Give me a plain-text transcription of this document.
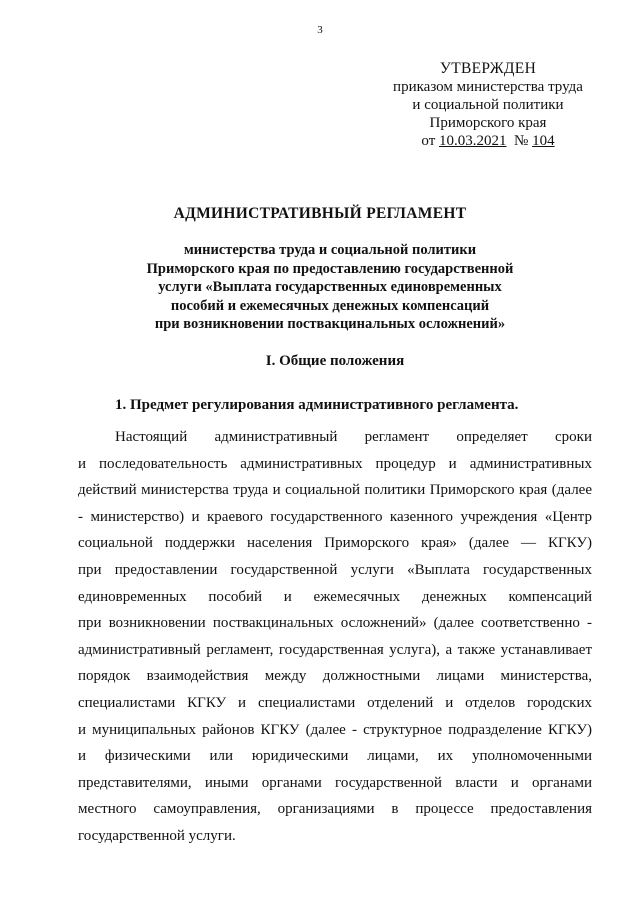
3
УТВЕРЖДЕН
приказом министерства труда
и социальной политики
Приморского края
от 10.03.2021 № 104
АДМИНИСТРАТИВНЫЙ РЕГЛАМЕНТ
министерства труда и социальной политики
Приморского края по предоставлению государственной
услуги «Выплата государственных единовременных
пособий и ежемесячных денежных компенсаций
при возникновении поствакцинальных осложнений»
I. Общие положения
1. Предмет регулирования административного регламента.
Настоящий административный регламент определяет сроки
и последовательность административных процедур и административных
действий министерства труда и социальной политики Приморского края (далее
- министерство) и краевого государственного казенного учреждения «Центр
социальной поддержки населения Приморского края» (далее — КГКУ)
при предоставлении государственной услуги «Выплата государственных
единовременных пособий и ежемесячных денежных компенсаций
при возникновении поствакцинальных осложнений» (далее соответственно -
административный регламент, государственная услуга), а также устанавливает
порядок взаимодействия между должностными лицами министерства,
специалистами КГКУ и специалистами отделений и отделов городских
и муниципальных районов КГКУ (далее - структурное подразделение КГКУ)
и физическими или юридическими лицами, их уполномоченными
представителями, иными органами государственной власти и органами
местного самоуправления, организациями в процессе предоставления
государственной услуги.
